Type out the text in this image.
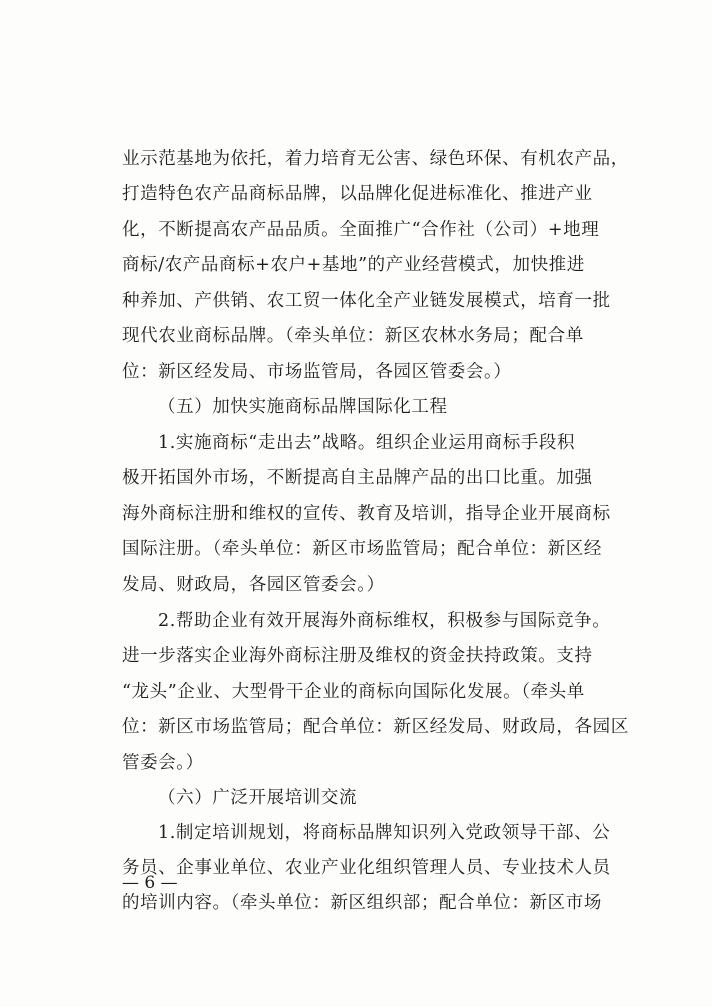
业示范基地为依托，着力培育无公害、绿色环保、有机农产品，
打造特色农产品商标品牌，以品牌化促进标准化、推进产业
化，不断提高农产品品质。全面推广“合作社（公司）+地理
商标/农产品商标+农户+基地”的产业经营模式，加快推进
种养加、产供销、农工贸一体化全产业链发展模式，培育一批
现代农业商标品牌。（牵头单位：新区农林水务局；配合单
位：新区经发局、市场监管局，各园区管委会。）
（五）加快实施商标品牌国际化工程
1.实施商标“走出去”战略。组织企业运用商标手段积
极开拓国外市场，不断提高自主品牌产品的出口比重。加强
海外商标注册和维权的宣传、教育及培训，指导企业开展商标
国际注册。（牵头单位：新区市场监管局；配合单位：新区经
发局、财政局，各园区管委会。）
2.帮助企业有效开展海外商标维权，积极参与国际竞争。
进一步落实企业海外商标注册及维权的资金扶持政策。支持
“龙头”企业、大型骨干企业的商标向国际化发展。（牵头单
位：新区市场监管局；配合单位：新区经发局、财政局，各园区
管委会。）
（六）广泛开展培训交流
1.制定培训规划，将商标品牌知识列入党政领导干部、公
务员、企事业单位、农业产业化组织管理人员、专业技术人员
的培训内容。（牵头单位：新区组织部；配合单位：新区市场
— 6 —
